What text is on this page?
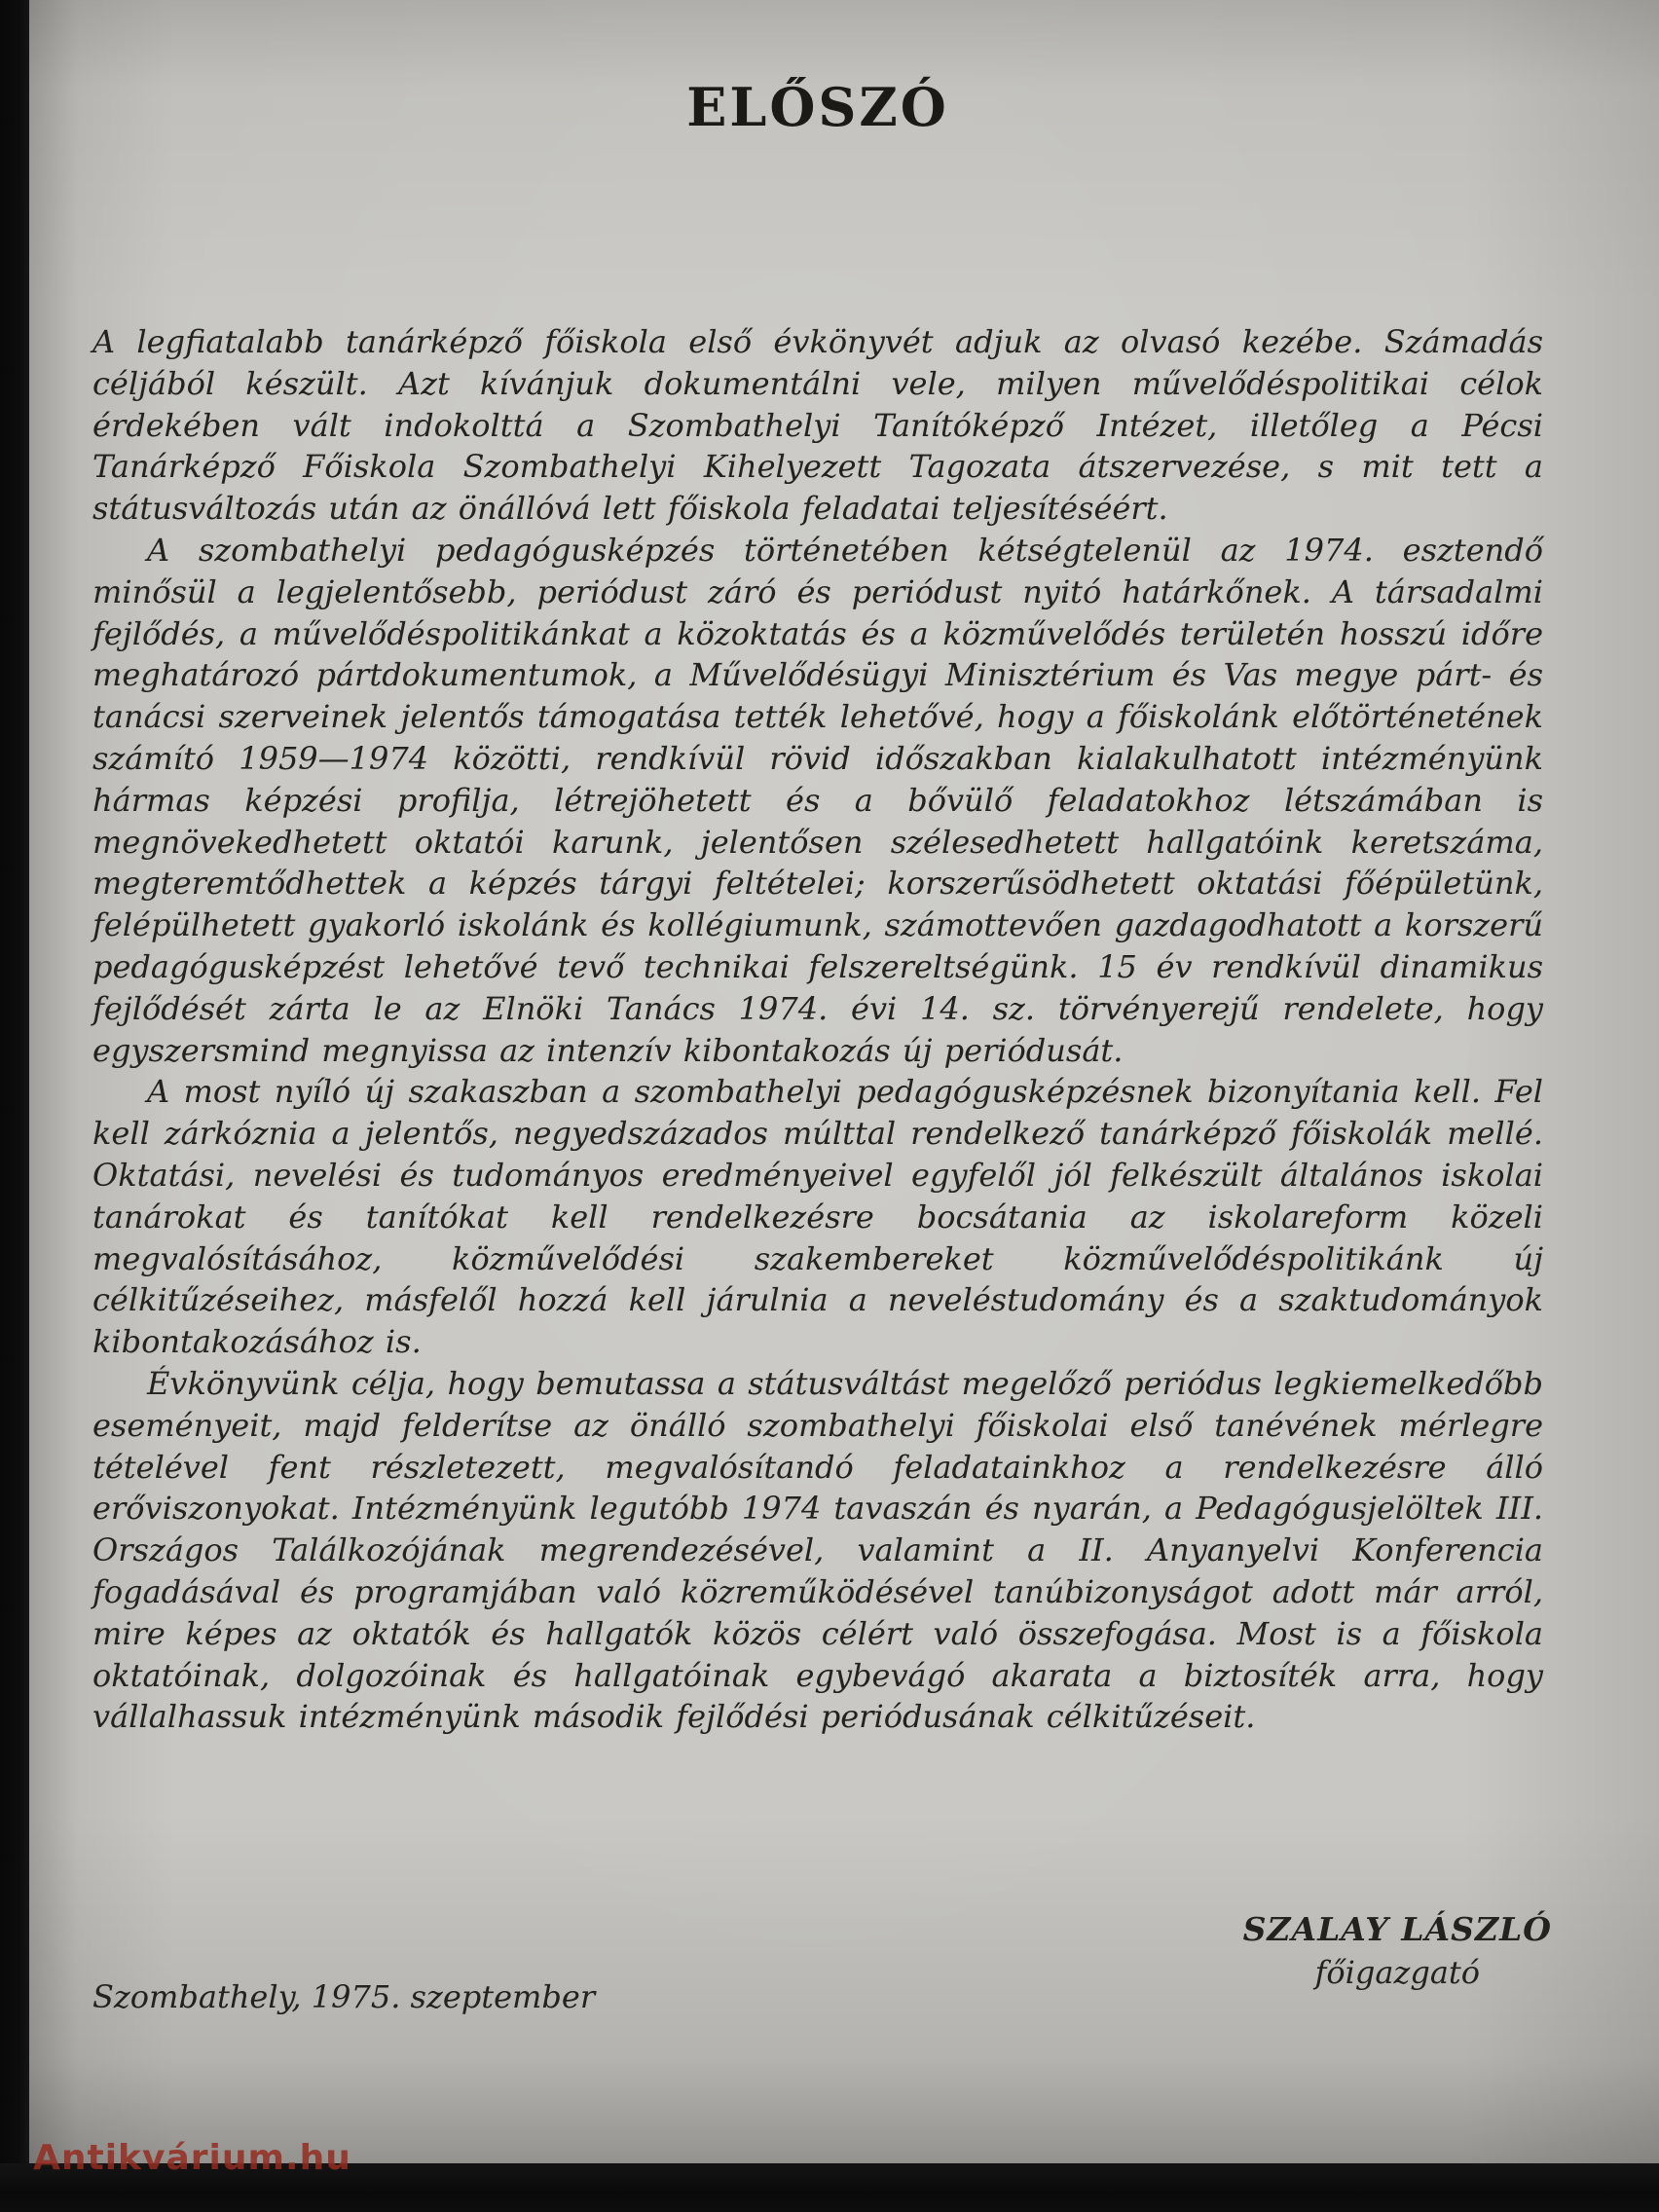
ELŐSZÓ

A legfiatalabb tanárképző főiskola első évkönyvét adjuk az olvasó kezébe. Számadás céljából készült. Azt kívánjuk dokumentálni vele, milyen művelődéspolitikai célok érdekében vált indokolttá a Szombathelyi Tanítóképző Intézet, illetőleg a Pécsi Tanárképző Főiskola Szombathelyi Kihelyezett Tagozata átszervezése, s mit tett a státusváltozás után az önállóvá lett főiskola feladatai teljesítéséért.

A szombathelyi pedagógusképzés történetében kétségtelenül az 1974. esztendő minősül a legjelentősebb, periódust záró és periódust nyitó határkőnek. A társadalmi fejlődés, a művelődéspolitikánkat a közoktatás és a közművelődés területén hosszú időre meghatározó pártdokumentumok, a Művelődésügyi Minisztérium és Vas megye párt- és tanácsi szerveinek jelentős támogatása tették lehetővé, hogy a főiskolánk előtörténetének számító 1959—1974 közötti, rendkívül rövid időszakban kialakulhatott intézményünk hármas képzési profilja, létrejöhetett és a bővülő feladatokhoz létszámában is megnövekedhetett oktatói karunk, jelentősen szélesedhetett hallgatóink keretszáma, megteremtődhettek a képzés tárgyi feltételei; korszerűsödhetett oktatási főépületünk, felépülhetett gyakorló iskolánk és kollégiumunk, számottevően gazdagodhatott a korszerű pedagógusképzést lehetővé tevő technikai felszereltségünk. 15 év rendkívül dinamikus fejlődését zárta le az Elnöki Tanács 1974. évi 14. sz. törvényerejű rendelete, hogy egyszersmind megnyissa az intenzív kibontakozás új periódusát.

A most nyíló új szakaszban a szombathelyi pedagógusképzésnek bizonyítania kell. Fel kell zárkóznia a jelentős, negyedszázados múlttal rendelkező tanárképző főiskolák mellé. Oktatási, nevelési és tudományos eredményeivel egyfelől jól felkészült általános iskolai tanárokat és tanítókat kell rendelkezésre bocsátania az iskolareform közeli megvalósításához, közművelődési szakembereket közművelődéspolitikánk új célkitűzéseihez, másfelől hozzá kell járulnia a neveléstudomány és a szaktudományok kibontakozásához is.

Évkönyvünk célja, hogy bemutassa a státusváltást megelőző periódus legkiemelkedőbb eseményeit, majd felderítse az önálló szombathelyi főiskolai első tanévének mérlegre tételével fent részletezett, megvalósítandó feladatainkhoz a rendelkezésre álló erőviszonyokat. Intézményünk legutóbb 1974 tavaszán és nyarán, a Pedagógusjelöltek III. Országos Találkozójának megrendezésével, valamint a II. Anyanyelvi Konferencia fogadásával és programjában való közreműködésével tanúbizonyságot adott már arról, mire képes az oktatók és hallgatók közös célért való összefogása. Most is a főiskola oktatóinak, dolgozóinak és hallgatóinak egybevágó akarata a biztosíték arra, hogy vállalhassuk intézményünk második fejlődési periódusának célkitűzéseit.

SZALAY LÁSZLÓ
főigazgató
Szombathely, 1975. szeptember
Antikvárium.hu
